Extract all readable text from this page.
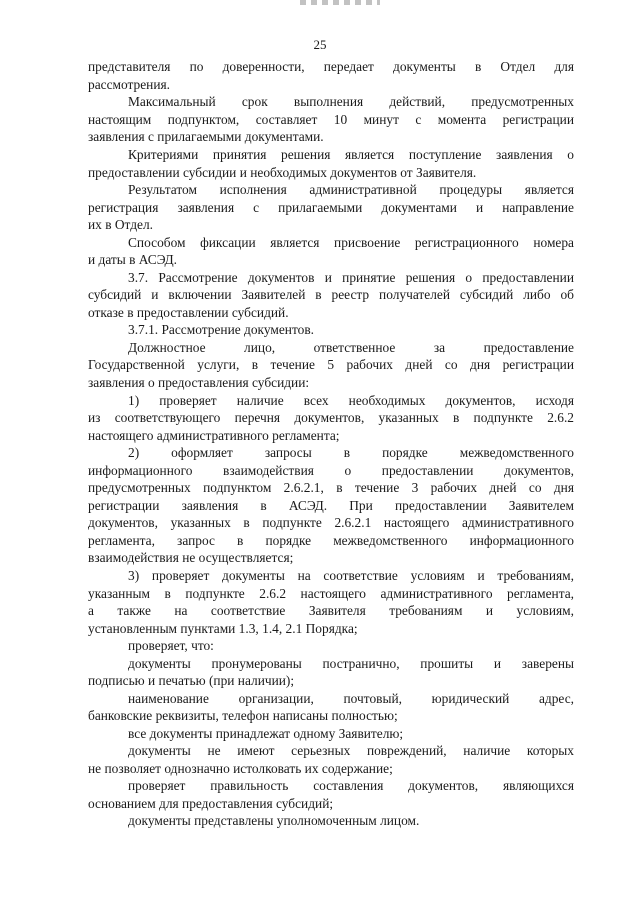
25
представителя по доверенности, передает документы в Отдел для
рассмотрения.
Максимальный срок выполнения действий, предусмотренных
настоящим подпунктом, составляет 10 минут с момента регистрации
заявления с прилагаемыми документами.
Критериями принятия решения является поступление заявления о
предоставлении субсидии и необходимых документов от Заявителя.
Результатом исполнения административной процедуры является
регистрация заявления с прилагаемыми документами и направление
их в Отдел.
Способом фиксации является присвоение регистрационного номера
и даты в АСЭД.
3.7. Рассмотрение документов и принятие решения о предоставлении
субсидий и включении Заявителей в реестр получателей субсидий либо об
отказе в предоставлении субсидий.
3.7.1. Рассмотрение документов.
Должностное лицо, ответственное за предоставление
Государственной услуги, в течение 5 рабочих дней со дня регистрации
заявления о предоставления субсидии:
1) проверяет наличие всех необходимых документов, исходя
из соответствующего перечня документов, указанных в подпункте 2.6.2
настоящего административного регламента;
2) оформляет запросы в порядке межведомственного
информационного взаимодействия о предоставлении документов,
предусмотренных подпунктом 2.6.2.1, в течение 3 рабочих дней со дня
регистрации заявления в АСЭД. При предоставлении Заявителем
документов, указанных в подпункте 2.6.2.1 настоящего административного
регламента, запрос в порядке межведомственного информационного
взаимодействия не осуществляется;
3) проверяет документы на соответствие условиям и требованиям,
указанным в подпункте 2.6.2 настоящего административного регламента,
а также на соответствие Заявителя требованиям и условиям,
установленным пунктами 1.3, 1.4, 2.1 Порядка;
проверяет, что:
документы пронумерованы постранично, прошиты и заверены
подписью и печатью (при наличии);
наименование организации, почтовый, юридический адрес,
банковские реквизиты, телефон написаны полностью;
все документы принадлежат одному Заявителю;
документы не имеют серьезных повреждений, наличие которых
не позволяет однозначно истолковать их содержание;
проверяет правильность составления документов, являющихся
основанием для предоставления субсидий;
документы представлены уполномоченным лицом.
